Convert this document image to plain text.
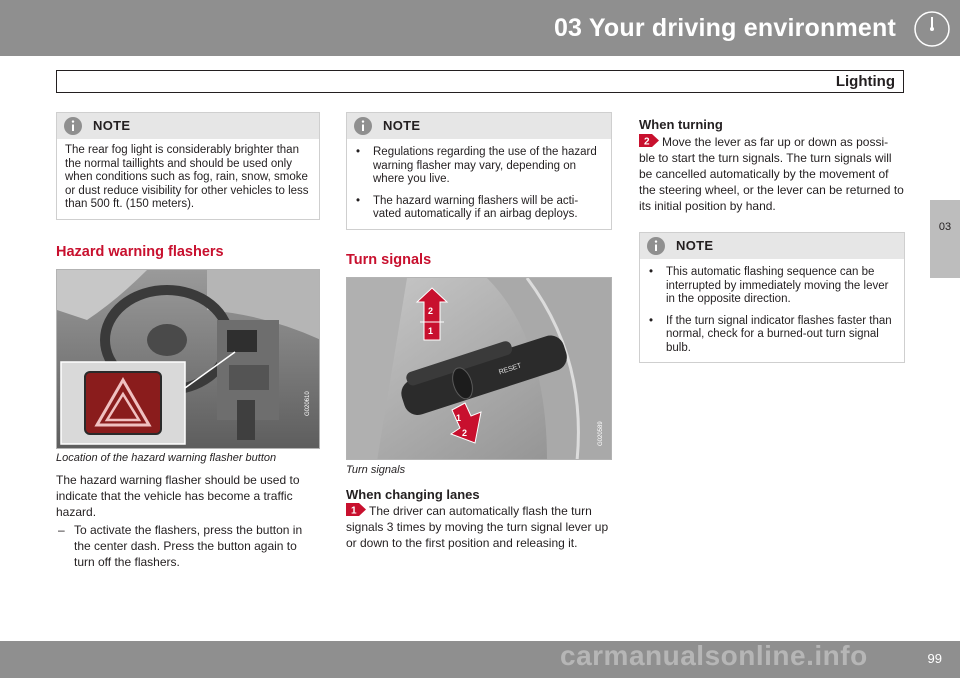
03 Your driving environment
Lighting
03
NOTE
The rear fog light is considerably brighter than the normal taillights and should be used only when conditions such as fog, rain, snow, smoke or dust reduce visibility for other vehicles to less than 500 ft. (150 meters).
Hazard warning flashers
G020610
Location of the hazard warning flasher button
The hazard warning flasher should be used to indicate that the vehicle has become a traffic hazard.
– To activate the flashers, press the button in the center dash. Press the button again to turn off the flashers.
NOTE
• Regulations regarding the use of the hazard warning flasher may vary, depending on where you live.
• The hazard warning flashers will be acti- vated automatically if an airbag deploys.
Turn signals
RESET
2
1
1
2	G020589
Turn signals
When changing lanes
1 The driver can automatically flash the turn signals 3 times by moving the turn signal lever up or down to the first position and releasing it.
When turning
2 Move the lever as far up or down as possi- ble to start the turn signals. The turn signals will be cancelled automatically by the movement of the steering wheel, or the lever can be returned to its initial position by hand.
NOTE
• This automatic flashing sequence can be interrupted by immediately moving the lever in the opposite direction.
• If the turn signal indicator flashes faster than normal, check for a burned-out turn signal bulb.
99
carmanualsonline.info
